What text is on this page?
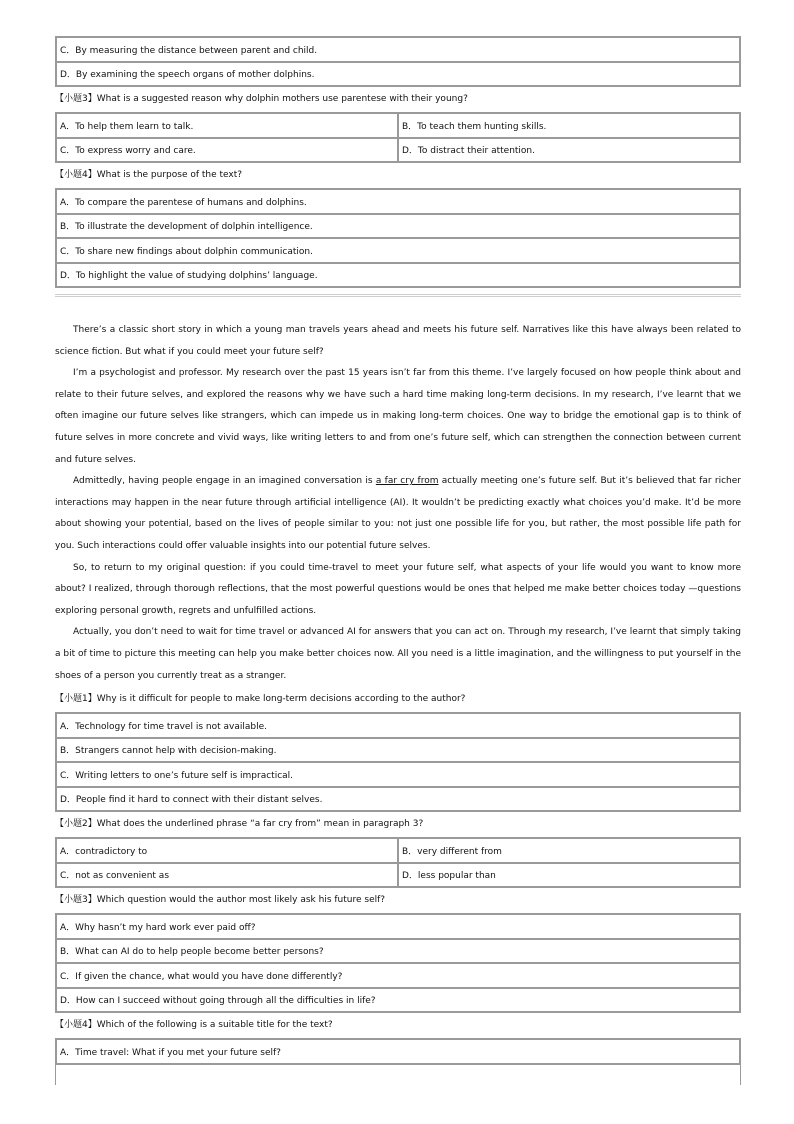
C．By measuring the distance between parent and child.
D．By examining the speech organs of mother dolphins.
【小题3】What is a suggested reason why dolphin mothers use parentese with their young?
A．To help them learn to talk.	B．To teach them hunting skills.
C．To express worry and care.	D．To distract their attention.
【小题4】What is the purpose of the text?
A．To compare the parentese of humans and dolphins.
B．To illustrate the development of dolphin intelligence.
C．To share new findings about dolphin communication.
D．To highlight the value of studying dolphins’ language.

There’s a classic short story in which a young man travels years ahead and meets his future self. Narratives like this have always been related to science fiction. But what if you could meet your future self?

I’m a psychologist and professor. My research over the past 15 years isn’t far from this theme. I’ve largely focused on how people think about and relate to their future selves, and explored the reasons why we have such a hard time making long-term decisions. In my research, I’ve learnt that we often imagine our future selves like strangers, which can impede us in making long-term choices. One way to bridge the emotional gap is to think of future selves in more concrete and vivid ways, like writing letters to and from one’s future self, which can strengthen the connection between current and future selves.

Admittedly, having people engage in an imagined conversation is a far cry from actually meeting one’s future self. But it’s believed that far richer interactions may happen in the near future through artificial intelligence (AI). It wouldn’t be predicting exactly what choices you’d make. It’d be more about showing your potential, based on the lives of people similar to you: not just one possible life for you, but rather, the most possible life path for you. Such interactions could offer valuable insights into our potential future selves.

So, to return to my original question: if you could time-travel to meet your future self, what aspects of your life would you want to know more about? I realized, through thorough reflections, that the most powerful questions would be ones that helped me make better choices today —questions exploring personal growth, regrets and unfulfilled actions.

Actually, you don’t need to wait for time travel or advanced AI for answers that you can act on. Through my research, I’ve learnt that simply taking a bit of time to picture this meeting can help you make better choices now. All you need is a little imagination, and the willingness to put yourself in the shoes of a person you currently treat as a stranger.

【小题1】Why is it difficult for people to make long-term decisions according to the author?
A．Technology for time travel is not available.
B．Strangers cannot help with decision-making.
C．Writing letters to one’s future self is impractical.
D．People find it hard to connect with their distant selves.
【小题2】What does the underlined phrase “a far cry from” mean in paragraph 3?
A．contradictory to	B．very different from
C．not as convenient as	D．less popular than
【小题3】Which question would the author most likely ask his future self?
A．Why hasn’t my hard work ever paid off?
B．What can AI do to help people become better persons?
C．If given the chance, what would you have done differently?
D．How can I succeed without going through all the difficulties in life?
【小题4】Which of the following is a suitable title for the text?
A．Time travel: What if you met your future self?
